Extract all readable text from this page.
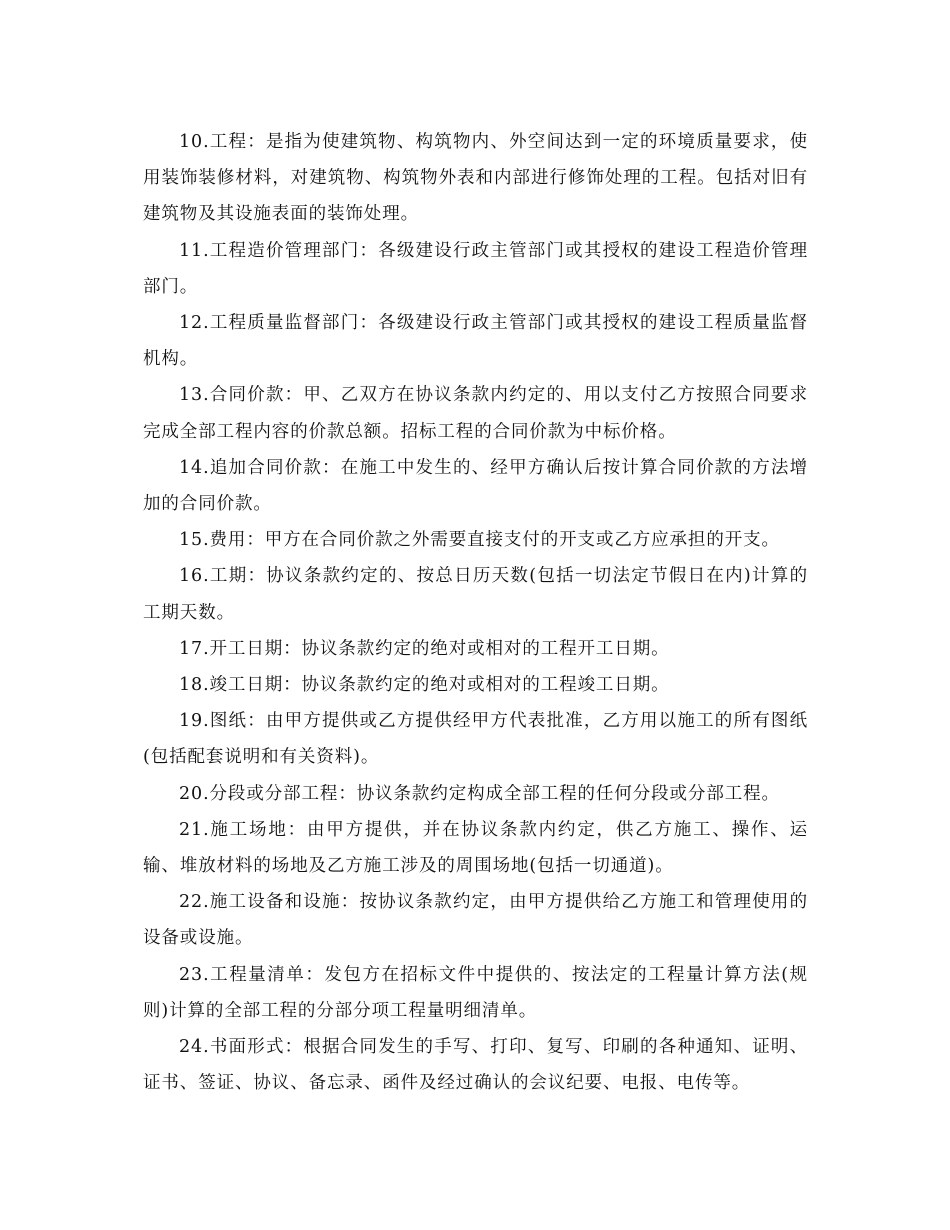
10.工程：是指为使建筑物、构筑物内、外空间达到一定的环境质量要求，使用装饰装修材料，对建筑物、构筑物外表和内部进行修饰处理的工程。包括对旧有建筑物及其设施表面的装饰处理。

11.工程造价管理部门：各级建设行政主管部门或其授权的建设工程造价管理部门。

12.工程质量监督部门：各级建设行政主管部门或其授权的建设工程质量监督机构。

13.合同价款：甲、乙双方在协议条款内约定的、用以支付乙方按照合同要求完成全部工程内容的价款总额。招标工程的合同价款为中标价格。

14.追加合同价款：在施工中发生的、经甲方确认后按计算合同价款的方法增加的合同价款。

15.费用：甲方在合同价款之外需要直接支付的开支或乙方应承担的开支。

16.工期：协议条款约定的、按总日历天数(包括一切法定节假日在内)计算的工期天数。

17.开工日期：协议条款约定的绝对或相对的工程开工日期。

18.竣工日期：协议条款约定的绝对或相对的工程竣工日期。

19.图纸：由甲方提供或乙方提供经甲方代表批准，乙方用以施工的所有图纸(包括配套说明和有关资料)。

20.分段或分部工程：协议条款约定构成全部工程的任何分段或分部工程。

21.施工场地：由甲方提供，并在协议条款内约定，供乙方施工、操作、运输、堆放材料的场地及乙方施工涉及的周围场地(包括一切通道)。

22.施工设备和设施：按协议条款约定，由甲方提供给乙方施工和管理使用的设备或设施。

23.工程量清单：发包方在招标文件中提供的、按法定的工程量计算方法(规则)计算的全部工程的分部分项工程量明细清单。

24.书面形式：根据合同发生的手写、打印、复写、印刷的各种通知、证明、证书、签证、协议、备忘录、函件及经过确认的会议纪要、电报、电传等。
